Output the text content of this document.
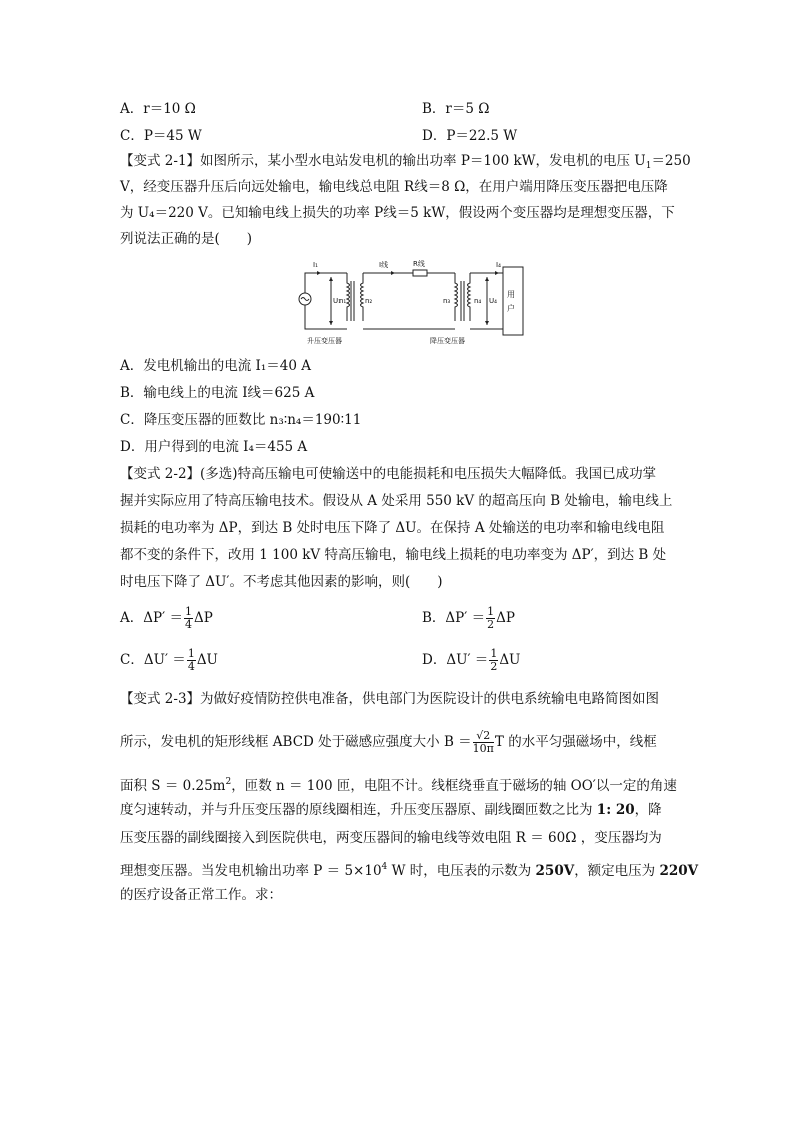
A．r＝10 Ω	B．r＝5 Ω
C．P＝45 W	D．P＝22.5 W
【变式 2-1】如图所示，某小型水电站发电机的输出功率 P＝100 kW，发电机的电压 $U_1=250$
V，经变压器升压后向远处输电，输电线总电阻 R线＝8 Ω，在用户端用降压变压器把电压降
为 U₄＝220 V。已知输电线上损失的功率 P线＝5 kW，假设两个变压器均是理想变压器，下
列说法正确的是(　　)
I₁	I线	R线	I₄
U₁
n₁	n₂	n₃	n₄ U₄
升压变压器	降压变压器
用
户
A．发电机输出的电流 I₁＝40 A
B．输电线上的电流 I线＝625 A
C．降压变压器的匝数比 n₃∶n₄＝190∶11
D．用户得到的电流 I₄＝455 A
【变式 2-2】(多选)特高压输电可使输送中的电能损耗和电压损失大幅降低。我国已成功掌
握并实际应用了特高压输电技术。假设从 A 处采用 550 kV 的超高压向 B 处输电，输电线上
损耗的电功率为 ΔP，到达 B 处时电压下降了 ΔU。在保持 A 处输送的电功率和输电线电阻
都不变的条件下，改用 1 100 kV 特高压输电，输电线上损耗的电功率变为 ΔP′，到达 B 处
时电压下降了 ΔU′。不考虑其他因素的影响，则(　　)
A．$\Delta P' = \frac{1}{4}$ ΔP	B．$\Delta P' = \frac{1}{2}$ ΔP
C．$\Delta U' = \frac{1}{4}$ ΔU	D．$\Delta U' = \frac{1}{2}$ ΔU
【变式 2-3】为做好疫情防控供电准备，供电部门为医院设计的供电系统输电电路简图如图
所示，发电机的矩形线框 ABCD 处于磁感应强度大小 $B = \frac{√2}{10\pi}$ T 的水平匀强磁场中，线框
面积 $S = 0.25m^2$，匝数 n ＝ 100 匝，电阻不计。线框绕垂直于磁场的轴 OO′以一定的角速
度匀速转动，并与升压变压器的原线圈相连，升压变压器原、副线圈匝数之比为 1: 20，降
压变压器的副线圈接入到医院供电，两变压器间的输电线等效电阻 R ＝ 60Ω ，变压器均为
理想变压器。当发电机输出功率 $P = 5\times 10^4$ W 时，电压表的示数为 250V，额定电压为 220V
的医疗设备正常工作。求：
